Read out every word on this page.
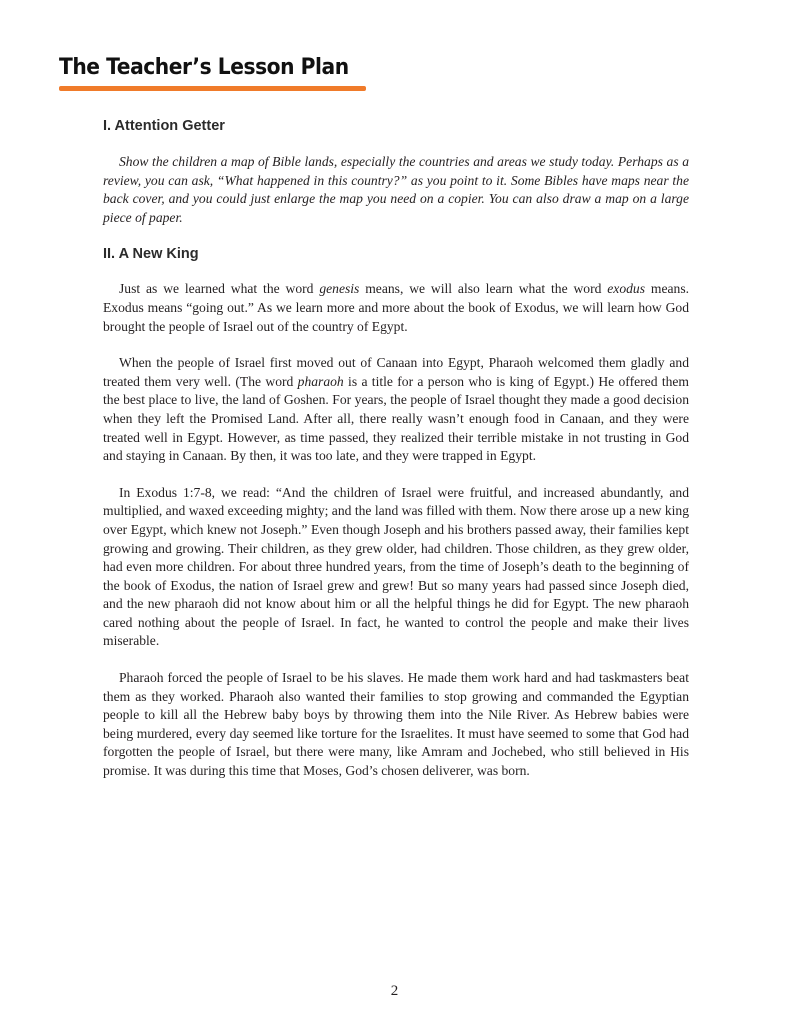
The Teacher’s Lesson Plan
I. Attention Getter

Show the children a map of Bible lands, especially the countries and areas we study today. Perhaps as a review, you can ask, “What happened in this country?” as you point to it. Some Bibles have maps near the back cover, and you could just enlarge the map you need on a copier. You can also draw a map on a large piece of paper.

II. A New King

Just as we learned what the word genesis means, we will also learn what the word exodus means. Exodus means “going out.” As we learn more and more about the book of Exodus, we will learn how God brought the people of Israel out of the country of Egypt.

When the people of Israel first moved out of Canaan into Egypt, Pharaoh welcomed them gladly and treated them very well. (The word pharaoh is a title for a person who is king of Egypt.) He offered them the best place to live, the land of Goshen. For years, the people of Israel thought they made a good decision when they left the Promised Land. After all, there really wasn’t enough food in Canaan, and they were treated well in Egypt. However, as time passed, they realized their terrible mistake in not trusting in God and staying in Canaan. By then, it was too late, and they were trapped in Egypt.

In Exodus 1:7-8, we read: “And the children of Israel were fruitful, and increased abundantly, and multiplied, and waxed exceeding mighty; and the land was filled with them. Now there arose up a new king over Egypt, which knew not Joseph.” Even though Joseph and his brothers passed away, their families kept growing and growing. Their children, as they grew older, had children. Those children, as they grew older, had even more children. For about three hundred years, from the time of Joseph’s death to the beginning of the book of Exodus, the nation of Israel grew and grew! But so many years had passed since Joseph died, and the new pharaoh did not know about him or all the helpful things he did for Egypt. The new pharaoh cared nothing about the people of Israel. In fact, he wanted to control the people and make their lives miserable.

Pharaoh forced the people of Israel to be his slaves. He made them work hard and had taskmasters beat them as they worked. Pharaoh also wanted their families to stop growing and commanded the Egyptian people to kill all the Hebrew baby boys by throwing them into the Nile River. As Hebrew babies were being murdered, every day seemed like torture for the Israelites. It must have seemed to some that God had forgotten the people of Israel, but there were many, like Amram and Jochebed, who still believed in His promise. It was during this time that Moses, God’s chosen deliverer, was born.

2
